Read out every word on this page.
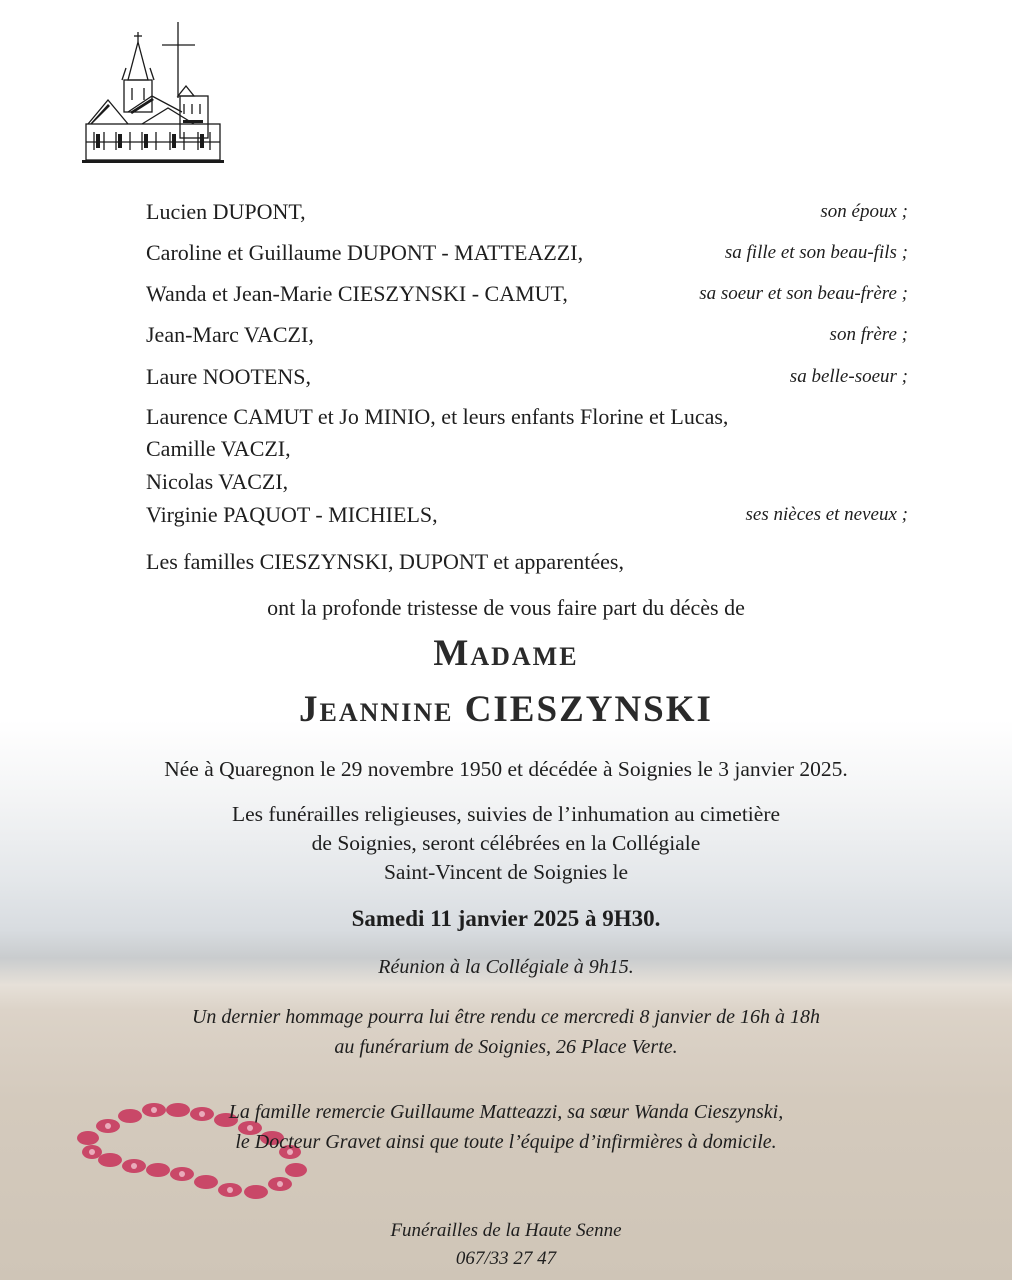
Lucien DUPONT,	son époux ;
Caroline et Guillaume DUPONT - MATTEAZZI,	sa fille et son beau-fils ;
Wanda et Jean-Marie CIESZYNSKI - CAMUT,	sa soeur et son beau-frère ;
Jean-Marc VACZI,	son frère ;
Laure NOOTENS,	sa belle-soeur ;
Laurence CAMUT et Jo MINIO, et leurs enfants Florine et Lucas,
Camille VACZI,
Nicolas VACZI,
Virginie PAQUOT - MICHIELS,	ses nièces et neveux ;
Les familles CIESZYNSKI, DUPONT et apparentées,
ont la profonde tristesse de vous faire part du décès de
Madame
Jeannine CIESZYNSKI
Née à Quaregnon le 29 novembre 1950 et décédée à Soignies le 3 janvier 2025.
Les funérailles religieuses, suivies de l’inhumation au cimetière
de Soignies, seront célébrées en la Collégiale
Saint-Vincent de Soignies le
Samedi 11 janvier 2025 à 9H30.
Réunion à la Collégiale à 9h15.
Un dernier hommage pourra lui être rendu ce mercredi 8 janvier de 16h à 18h
au funérarium de Soignies, 26 Place Verte.
La famille remercie Guillaume Matteazzi, sa sœur Wanda Cieszynski,
le Docteur Gravet ainsi que toute l’équipe d’infirmières à domicile.
Funérailles de la Haute Senne
067/33 27 47
